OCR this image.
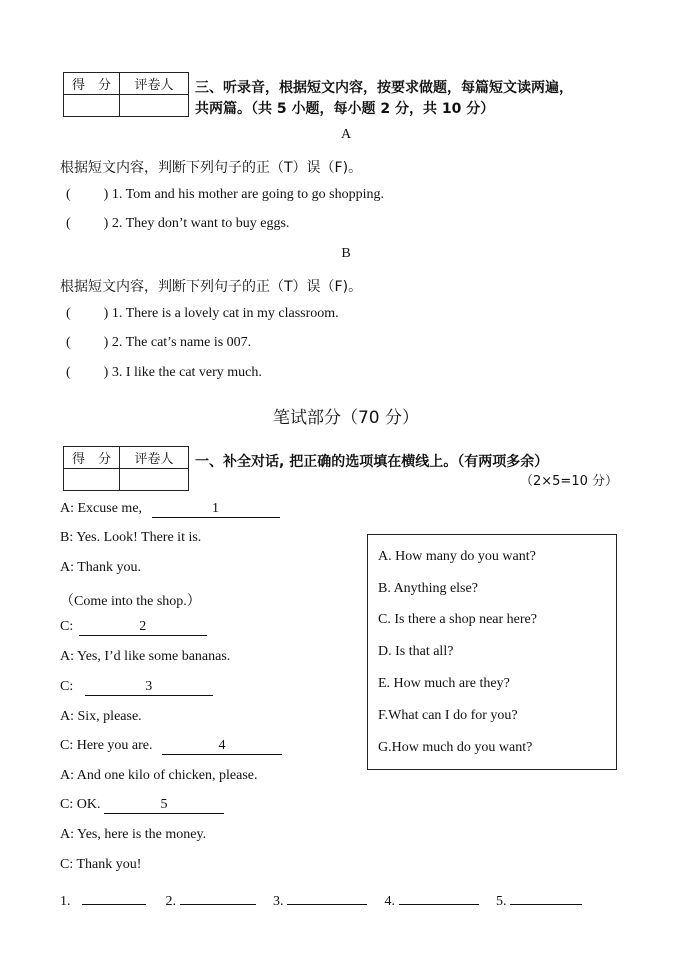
得　分	评卷人
	三、听录音，根据短文内容，按要求做题，每篇短文读两遍，
共两篇。（共 5 小题，每小题 2 分，共 10 分）
A
根据短文内容，判断下列句子的正（T）误（F)。
( ) 1. Tom and his mother are going to go shopping.
( ) 2. They don’t want to buy eggs.
B
根据短文内容，判断下列句子的正（T）误（F)。
( ) 1. There is a lovely cat in my classroom.
( ) 2. The cat’s name is 007.
( ) 3. I like the cat very much.
笔试部分（70 分）
得　分	评卷人
	一、补全对话, 把正确的选项填在横线上。（有两项多余）
（2×5=10 分）
A: Excuse me,	1
B: Yes. Look! There it is.
A: Thank you.
（Come into the shop.）
C:	2
A: Yes, I’d like some bananas.
C:	3
A: Six, please.
C: Here you are.	4
A: And one kilo of chicken, please.
C: OK.	5
A: Yes, here is the money.
C: Thank you!
A. How many do you want?
B. Anything else?
C. Is there a shop near here?
D. Is that all?
E. How much are they?
F.What can I do for you?
G.How much do you want?
1.	2.	3.	4.	5.
